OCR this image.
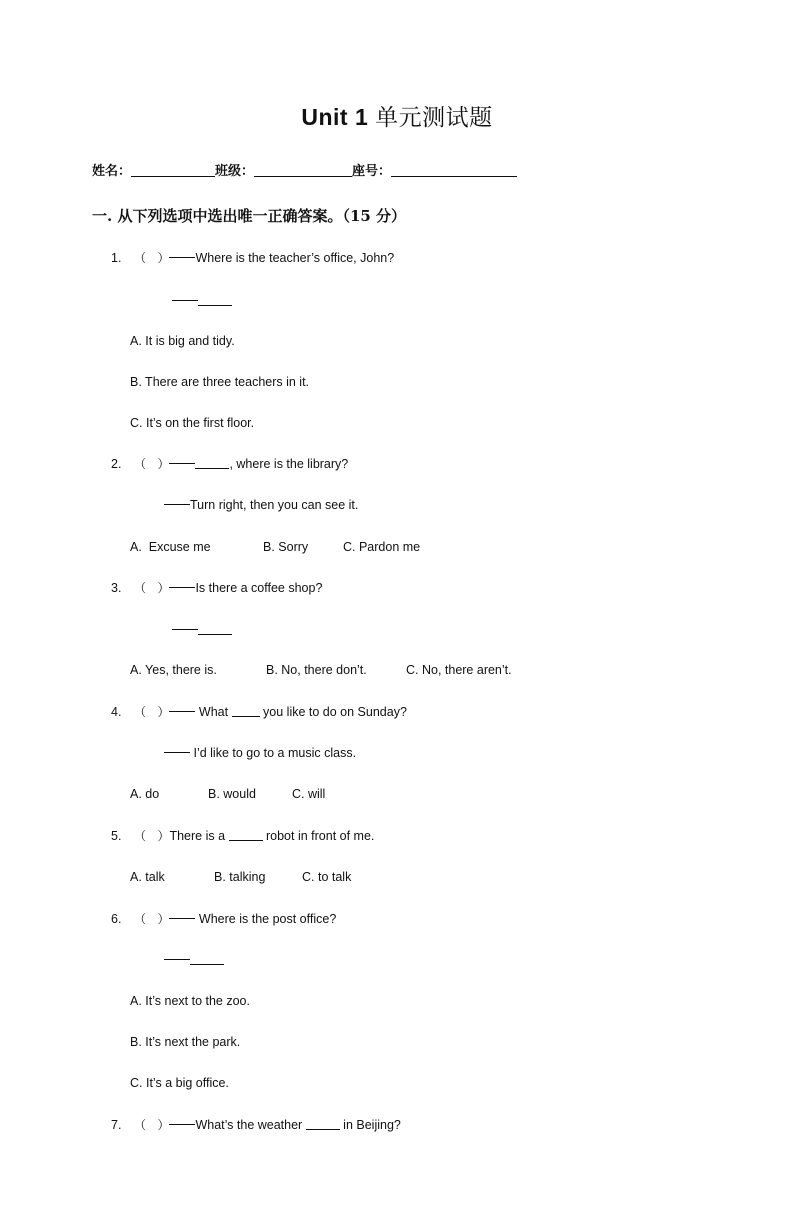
Unit 1 单元测试题
姓名：	班级：	座号：
一. 从下列选项中选出唯一正确答案。（15 分）
1. （   ） Where is the teacher’s office, John?
A. It is big and tidy.
B. There are three teachers in it.
C. It’s on the first floor.
2. （   ）	, where is the library?
Turn right, then you can see it.
A.  Excuse me	B. Sorry	C. Pardon me
3. （   ） Is there a coffee shop?
A. Yes, there is.	B. No, there don’t.	C. No, there aren’t.
4. （   ） What  you like to do on Sunday?
I’d like to go to a music class.
A. do	B. would	C. will
5. （   ）There is a	robot in front of me.
A. talk	B. talking	C. to talk
6. （   ） Where is the post office?
A. It’s next to the zoo.
B. It’s next the park.
C. It’s a big office.
7. （   ） What’s the weather	in Beijing?
